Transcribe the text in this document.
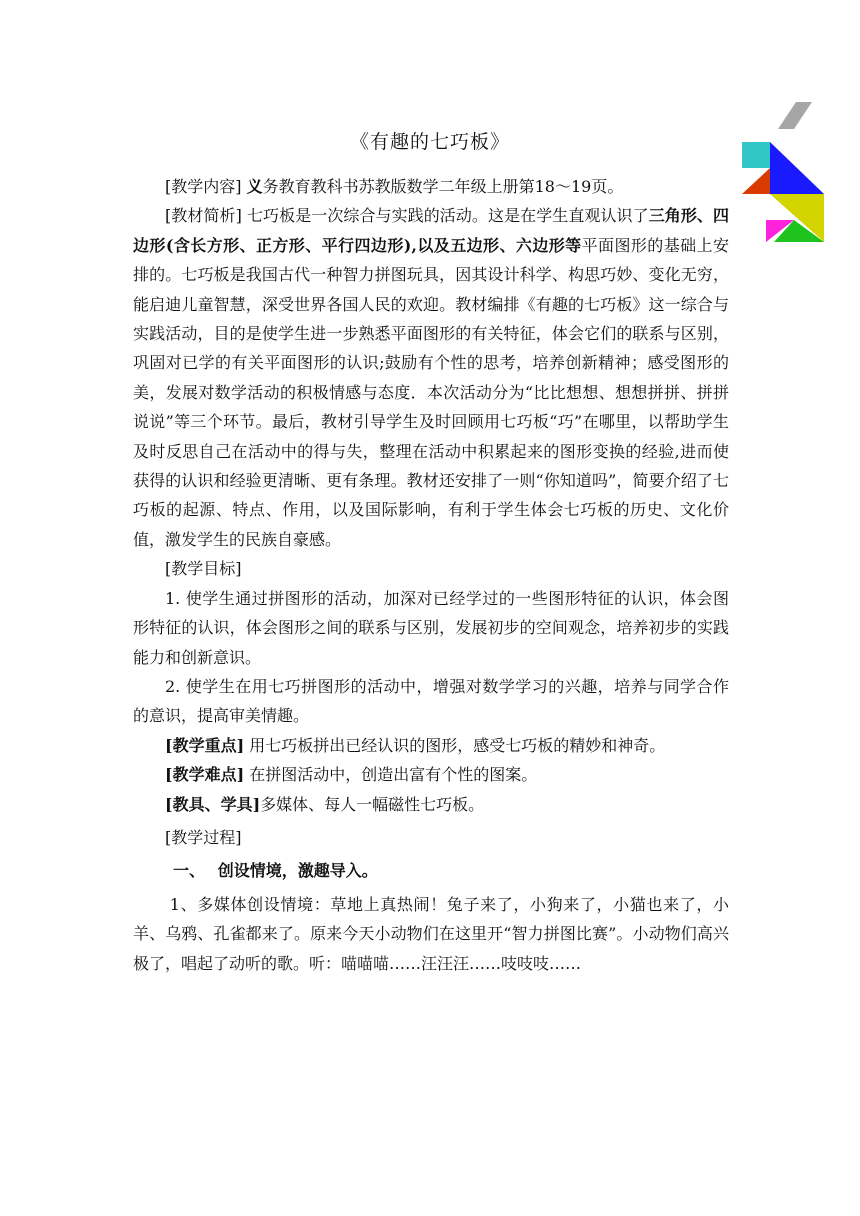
《有趣的七巧板》

[教学内容] 义务教育教科书苏教版数学二年级上册第18～19页。

[教材简析] 七巧板是一次综合与实践的活动。这是在学生直观认识了三角形、四边形(含长方形、正方形、平行四边形),以及五边形、六边形等平面图形的基础上安排的。七巧板是我国古代一种智力拼图玩具，因其设计科学、构思巧妙、变化无穷，能启迪儿童智慧，深受世界各国人民的欢迎。教材编排《有趣的七巧板》这一综合与实践活动，目的是使学生进一步熟悉平面图形的有关特征，体会它们的联系与区别，巩固对已学的有关平面图形的认识;鼓励有个性的思考，培养创新精神；感受图形的美，发展对数学活动的积极情感与态度．本次活动分为“比比想想、想想拼拼、拼拼说说”等三个环节。最后，教材引导学生及时回顾用七巧板“巧”在哪里，以帮助学生及时反思自己在活动中的得与失，整理在活动中积累起来的图形变换的经验,进而使获得的认识和经验更清晰、更有条理。教材还安排了一则“你知道吗”，简要介绍了七巧板的起源、特点、作用，以及国际影响，有利于学生体会七巧板的历史、文化价值，激发学生的民族自豪感。

[教学目标]

1. 使学生通过拼图形的活动，加深对已经学过的一些图形特征的认识，体会图形特征的认识，体会图形之间的联系与区别，发展初步的空间观念，培养初步的实践能力和创新意识。

2. 使学生在用七巧拼图形的活动中，增强对数学学习的兴趣，培养与同学合作的意识，提高审美情趣。

[教学重点] 用七巧板拼出已经认识的图形，感受七巧板的精妙和神奇。

[教学难点] 在拼图活动中，创造出富有个性的图案。

[教具、学具]多媒体、每人一幅磁性七巧板。

[教学过程]

一、 创设情境，激趣导入。

1、多媒体创设情境：草地上真热闹！兔子来了，小狗来了，小猫也来了，小羊、乌鸦、孔雀都来了。原来今天小动物们在这里开“智力拼图比赛”。小动物们高兴极了，唱起了动听的歌。听：喵喵喵……汪汪汪……吱吱吱……
